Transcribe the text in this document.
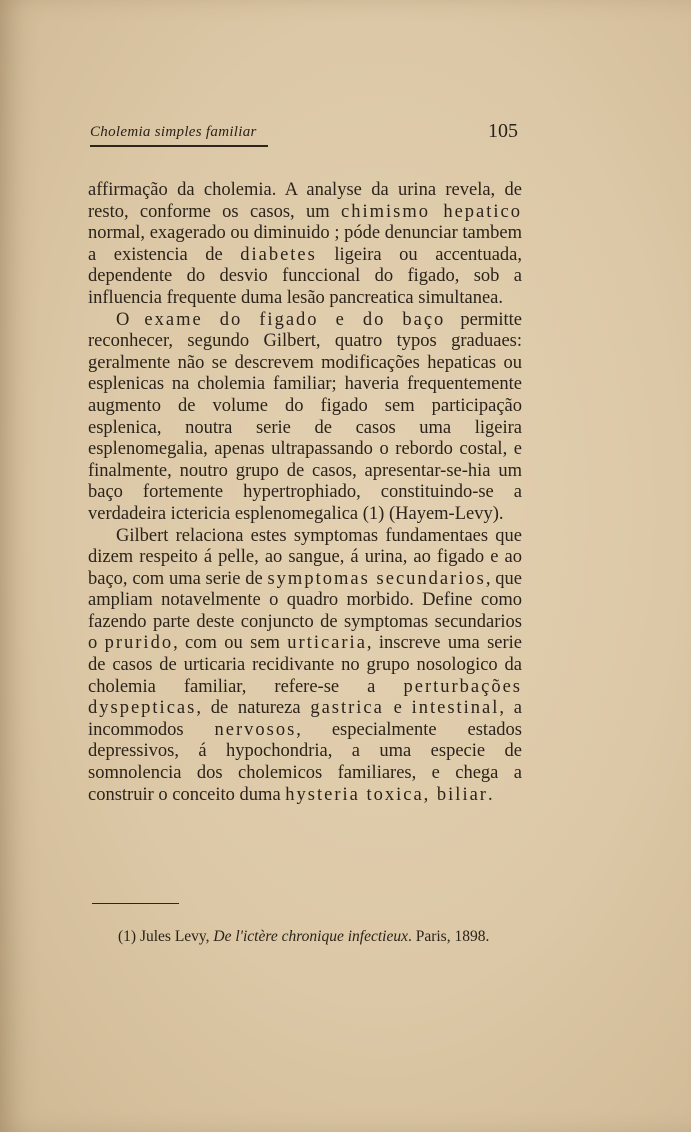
Cholemia simples familiar	105

affirmação da cholemia. A analyse da urina revela, de resto, conforme os casos, um chimismo hepatico normal, exagerado ou diminuido ; póde denunciar tambem a existencia de diabetes ligeira ou accentuada, dependente do desvio funccional do figado, sob a influencia frequente duma lesão pancreatica simultanea.

O exame do figado e do baço permitte reconhecer, segundo Gilbert, quatro typos graduaes: geralmente não se descrevem modificações hepaticas ou esplenicas na cholemia familiar; haveria frequentemente augmento de volume do figado sem participação esplenica, noutra serie de casos uma ligeira esplenomegalia, apenas ultrapassando o rebordo costal, e finalmente, noutro grupo de casos, apresentar-se-hia um baço fortemente hypertrophiado, constituindo-se a verdadeira ictericia esplenomegalica (1) (Hayem-Levy).

Gilbert relaciona estes symptomas fundamentaes que dizem respeito á pelle, ao sangue, á urina, ao figado e ao baço, com uma serie de symptomas secundarios, que ampliam notavelmente o quadro morbido. Define como fazendo parte deste conjuncto de symptomas secundarios o prurido, com ou sem urticaria, inscreve uma serie de casos de urticaria recidivante no grupo nosologico da cholemia familiar, refere-se a perturbações dyspepticas, de natureza gastrica e intestinal, a incommodos nervosos, especialmente estados depressivos, á hypochondria, a uma especie de somnolencia dos cholemicos familiares, e chega a construir o conceito duma hysteria toxica, biliar.

(1) Jules Levy, De l'ictère chronique infectieux. Paris, 1898.
